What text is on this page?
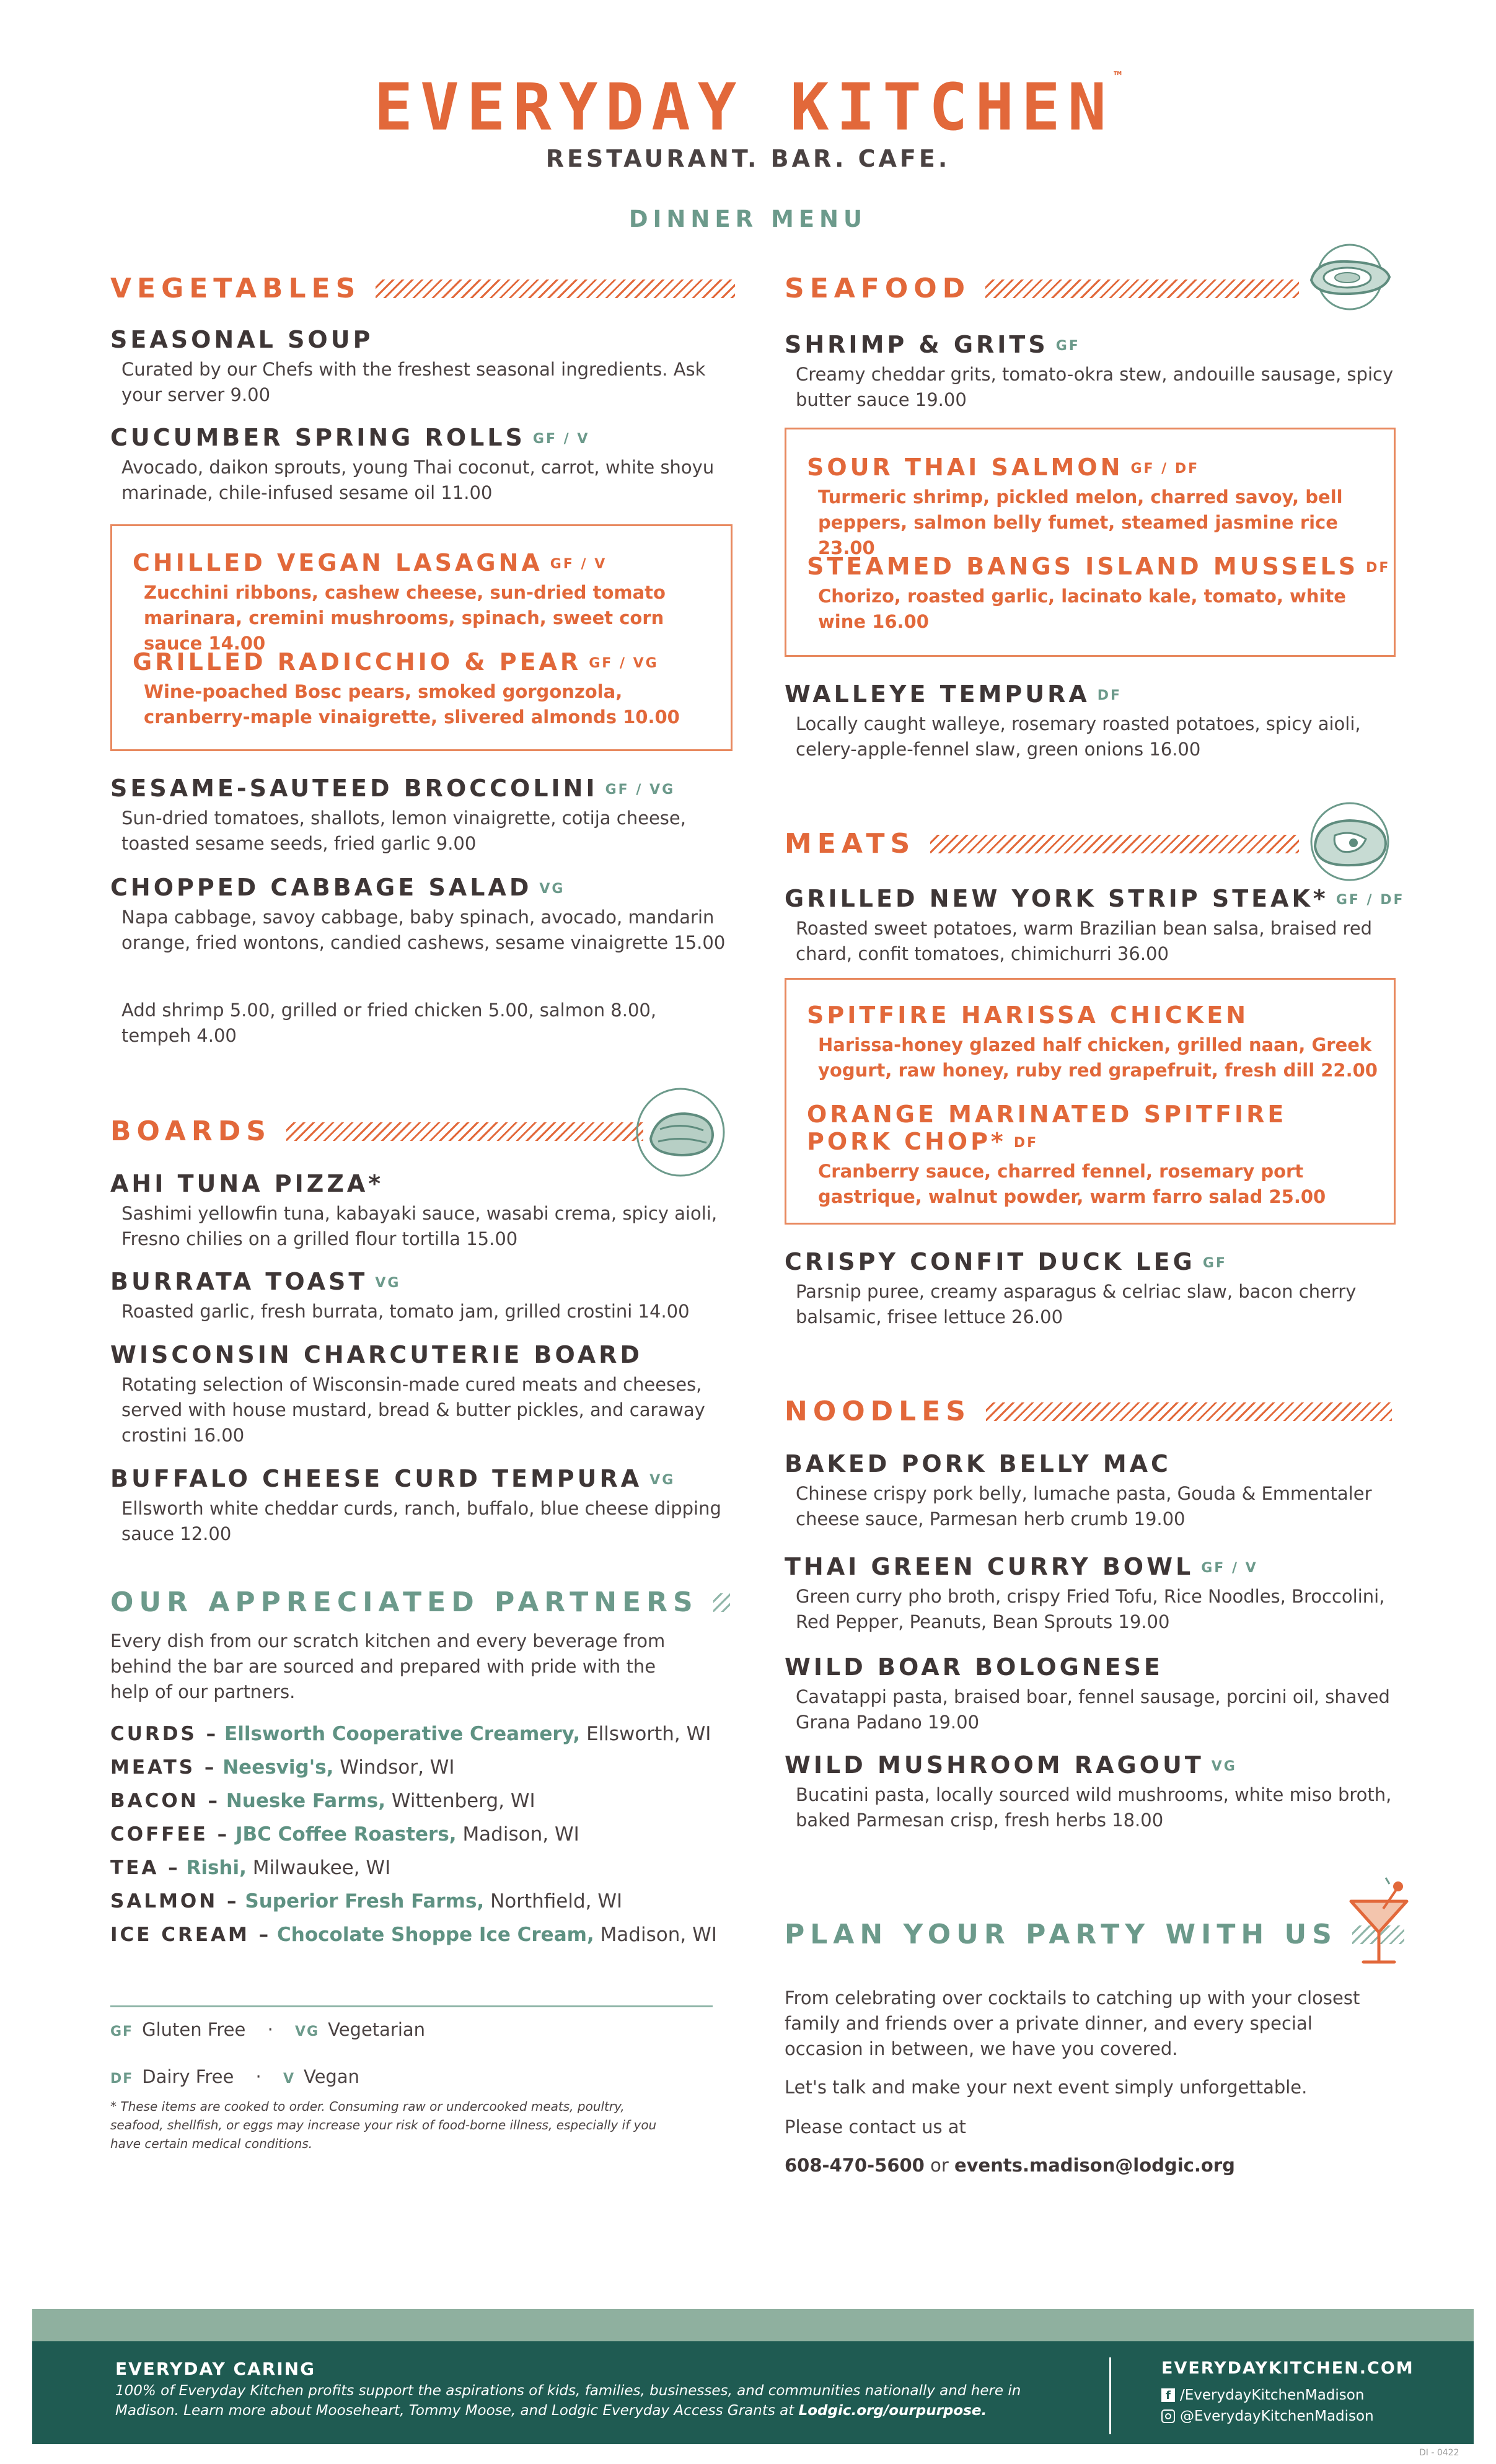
EVERYDAY KITCHEN™
RESTAURANT. BAR. CAFE.
DINNER MENU
VEGETABLES
SEASONAL SOUP
Curated by our Chefs with the freshest seasonal ingredients. Ask your server 9.00
CUCUMBER SPRING ROLLS GF / V
Avocado, daikon sprouts, young Thai coconut, carrot, white shoyu marinade, chile-infused sesame oil 11.00
CHILLED VEGAN LASAGNA GF / V
Zucchini ribbons, cashew cheese, sun-dried tomato marinara, cremini mushrooms, spinach, sweet corn sauce 14.00
GRILLED RADICCHIO & PEAR GF / VG
Wine-poached Bosc pears, smoked gorgonzola, cranberry-maple vinaigrette, slivered almonds 10.00
SESAME-SAUTEED BROCCOLINI GF / VG
Sun-dried tomatoes, shallots, lemon vinaigrette, cotija cheese, toasted sesame seeds, fried garlic 9.00
CHOPPED CABBAGE SALAD VG
Napa cabbage, savoy cabbage, baby spinach, avocado, mandarin orange, fried wontons, candied cashews, sesame vinaigrette 15.00
Add shrimp 5.00, grilled or fried chicken 5.00, salmon 8.00, tempeh 4.00
BOARDS
AHI TUNA PIZZA*
Sashimi yellowfin tuna, kabayaki sauce, wasabi crema, spicy aioli, Fresno chilies on a grilled flour tortilla 15.00
BURRATA TOAST VG
Roasted garlic, fresh burrata, tomato jam, grilled crostini 14.00
WISCONSIN CHARCUTERIE BOARD
Rotating selection of Wisconsin-made cured meats and cheeses, served with house mustard, bread & butter pickles, and caraway crostini 16.00
BUFFALO CHEESE CURD TEMPURA VG
Ellsworth white cheddar curds, ranch, buffalo, blue cheese dipping sauce 12.00
OUR APPRECIATED PARTNERS
Every dish from our scratch kitchen and every beverage from behind the bar are sourced and prepared with pride with the help of our partners.
CURDS – Ellsworth Cooperative Creamery, Ellsworth, WI
MEATS – Neesvig's, Windsor, WI
BACON – Nueske Farms, Wittenberg, WI
COFFEE – JBC Coffee Roasters, Madison, WI
TEA – Rishi, Milwaukee, WI
SALMON – Superior Fresh Farms, Northfield, WI
ICE CREAM – Chocolate Shoppe Ice Cream, Madison, WI
GF Gluten Free · VG Vegetarian
DF Dairy Free · V Vegan
* These items are cooked to order. Consuming raw or undercooked meats, poultry, seafood, shellfish, or eggs may increase your risk of food-borne illness, especially if you have certain medical conditions.
SEAFOOD
SHRIMP & GRITS GF
Creamy cheddar grits, tomato-okra stew, andouille sausage, spicy butter sauce 19.00
SOUR THAI SALMON GF / DF
Turmeric shrimp, pickled melon, charred savoy, bell peppers, salmon belly fumet, steamed jasmine rice 23.00
STEAMED BANGS ISLAND MUSSELS DF
Chorizo, roasted garlic, lacinato kale, tomato, white wine 16.00
WALLEYE TEMPURA DF
Locally caught walleye, rosemary roasted potatoes, spicy aioli, celery-apple-fennel slaw, green onions 16.00
MEATS
GRILLED NEW YORK STRIP STEAK* GF / DF
Roasted sweet potatoes, warm Brazilian bean salsa, braised red chard, confit tomatoes, chimichurri 36.00
SPITFIRE HARISSA CHICKEN
Harissa-honey glazed half chicken, grilled naan, Greek yogurt, raw honey, ruby red grapefruit, fresh dill 22.00
ORANGE MARINATED SPITFIRE
PORK CHOP* DF
Cranberry sauce, charred fennel, rosemary port gastrique, walnut powder, warm farro salad 25.00
CRISPY CONFIT DUCK LEG GF
Parsnip puree, creamy asparagus & celriac slaw, bacon cherry balsamic, frisee lettuce 26.00
NOODLES
BAKED PORK BELLY MAC
Chinese crispy pork belly, lumache pasta, Gouda & Emmentaler cheese sauce, Parmesan herb crumb 19.00
THAI GREEN CURRY BOWL GF / V
Green curry pho broth, crispy Fried Tofu, Rice Noodles, Broccolini, Red Pepper, Peanuts, Bean Sprouts 19.00
WILD BOAR BOLOGNESE
Cavatappi pasta, braised boar, fennel sausage, porcini oil, shaved Grana Padano 19.00
WILD MUSHROOM RAGOUT VG
Bucatini pasta, locally sourced wild mushrooms, white miso broth, baked Parmesan crisp, fresh herbs 18.00
PLAN YOUR PARTY WITH US
From celebrating over cocktails to catching up with your closest family and friends over a private dinner, and every special occasion in between, we have you covered.
Let's talk and make your next event simply unforgettable.
Please contact us at
608-470-5600 or events.madison@lodgic.org
EVERYDAY CARING
100% of Everyday Kitchen profits support the aspirations of kids, families, businesses, and communities nationally and here in Madison. Learn more about Mooseheart, Tommy Moose, and Lodgic Everyday Access Grants at Lodgic.org/ourpurpose.
EVERYDAYKITCHEN.COM
f /EverydayKitchenMadison
@EverydayKitchenMadison
DI - 0422
